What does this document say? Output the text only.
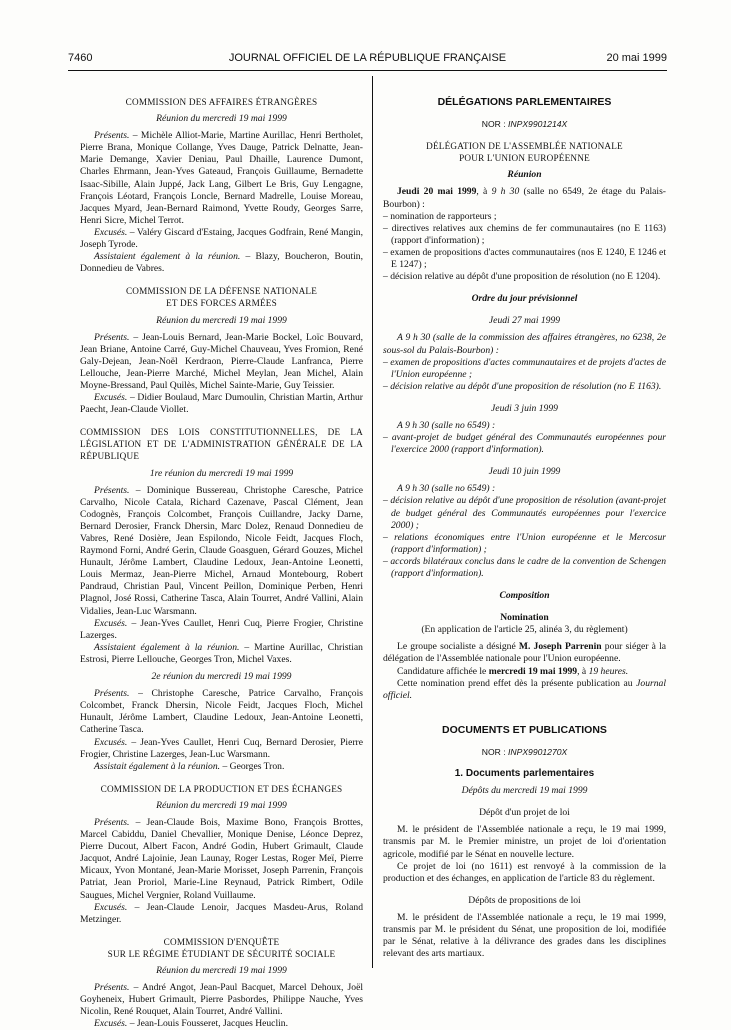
7460	JOURNAL OFFICIEL DE LA RÉPUBLIQUE FRANÇAISE	20 mai 1999

COMMISSION DES AFFAIRES ÉTRANGÈRES

Réunion du mercredi 19 mai 1999

Présents. – Michèle Alliot-Marie, Martine Aurillac, Henri Bertholet, Pierre Brana, Monique Collange, Yves Dauge, Patrick Delnatte, Jean-Marie Demange, Xavier Deniau, Paul Dhaille, Laurence Dumont, Charles Ehrmann, Jean-Yves Gateaud, François Guillaume, Bernadette Isaac-Sibille, Alain Juppé, Jack Lang, Gilbert Le Bris, Guy Lengagne, François Léotard, François Loncle, Bernard Madrelle, Louise Moreau, Jacques Myard, Jean-Bernard Raimond, Yvette Roudy, Georges Sarre, Henri Sicre, Michel Terrot.

Excusés. – Valéry Giscard d'Estaing, Jacques Godfrain, René Mangin, Joseph Tyrode.

Assistaient également à la réunion. – Blazy, Boucheron, Boutin, Donnedieu de Vabres.

COMMISSION DE LA DÉFENSE NATIONALE

ET DES FORCES ARMÉES

Réunion du mercredi 19 mai 1999

Présents. – Jean-Louis Bernard, Jean-Marie Bockel, Loïc Bouvard, Jean Briane, Antoine Carré, Guy-Michel Chauveau, Yves Fromion, René Galy-Dejean, Jean-Noël Kerdraon, Pierre-Claude Lanfranca, Pierre Lellouche, Jean-Pierre Marché, Michel Meylan, Jean Michel, Alain Moyne-Bressand, Paul Quilès, Michel Sainte-Marie, Guy Teissier.

Excusés. – Didier Boulaud, Marc Dumoulin, Christian Martin, Arthur Paecht, Jean-Claude Viollet.

COMMISSION DES LOIS CONSTITUTIONNELLES, DE LA LÉGISLATION ET DE L'ADMINISTRATION GÉNÉRALE DE LA RÉPUBLIQUE

1re réunion du mercredi 19 mai 1999

Présents. – Dominique Bussereau, Christophe Caresche, Patrice Carvalho, Nicole Catala, Richard Cazenave, Pascal Clément, Jean Codognès, François Colcombet, François Cuillandre, Jacky Darne, Bernard Derosier, Franck Dhersin, Marc Dolez, Renaud Donnedieu de Vabres, René Dosière, Jean Espilondo, Nicole Feidt, Jacques Floch, Raymond Forni, André Gerin, Claude Goasguen, Gérard Gouzes, Michel Hunault, Jérôme Lambert, Claudine Ledoux, Jean-Antoine Leonetti, Louis Mermaz, Jean-Pierre Michel, Arnaud Montebourg, Robert Pandraud, Christian Paul, Vincent Peillon, Dominique Perben, Henri Plagnol, José Rossi, Catherine Tasca, Alain Tourret, André Vallini, Alain Vidalies, Jean-Luc Warsmann.

Excusés. – Jean-Yves Caullet, Henri Cuq, Pierre Frogier, Christine Lazerges.

Assistaient également à la réunion. – Martine Aurillac, Christian Estrosi, Pierre Lellouche, Georges Tron, Michel Vaxes.

2e réunion du mercredi 19 mai 1999

Présents. – Christophe Caresche, Patrice Carvalho, François Colcombet, Franck Dhersin, Nicole Feidt, Jacques Floch, Michel Hunault, Jérôme Lambert, Claudine Ledoux, Jean-Antoine Leonetti, Catherine Tasca.

Excusés. – Jean-Yves Caullet, Henri Cuq, Bernard Derosier, Pierre Frogier, Christine Lazerges, Jean-Luc Warsmann.

Assistait également à la réunion. – Georges Tron.

COMMISSION DE LA PRODUCTION ET DES ÉCHANGES

Réunion du mercredi 19 mai 1999

Présents. – Jean-Claude Bois, Maxime Bono, François Brottes, Marcel Cabiddu, Daniel Chevallier, Monique Denise, Léonce Deprez, Pierre Ducout, Albert Facon, André Godin, Hubert Grimault, Claude Jacquot, André Lajoinie, Jean Launay, Roger Lestas, Roger Meï, Pierre Micaux, Yvon Montané, Jean-Marie Morisset, Joseph Parrenin, François Patriat, Jean Proriol, Marie-Line Reynaud, Patrick Rimbert, Odile Saugues, Michel Vergnier, Roland Vuillaume.

Excusés. – Jean-Claude Lenoir, Jacques Masdeu-Arus, Roland Metzinger.

COMMISSION D'ENQUÊTE

SUR LE RÉGIME ÉTUDIANT DE SÉCURITÉ SOCIALE

Réunion du mercredi 19 mai 1999

Présents. – André Angot, Jean-Paul Bacquet, Marcel Dehoux, Joël Goyheneix, Hubert Grimault, Pierre Pasbordes, Philippe Nauche, Yves Nicolin, René Rouquet, Alain Tourret, André Vallini.

Excusés. – Jean-Louis Fousseret, Jacques Heuclin.

DÉLÉGATIONS PARLEMENTAIRES

NOR : INPX9901214X

DÉLÉGATION DE L'ASSEMBLÉE NATIONALE

POUR L'UNION EUROPÉENNE

Réunion

Jeudi 20 mai 1999, à 9 h 30 (salle no 6549, 2e étage du Palais-Bourbon) :

– nomination de rapporteurs ;

– directives relatives aux chemins de fer communautaires (no E 1163) (rapport d'information) ;

– examen de propositions d'actes communautaires (nos E 1240, E 1246 et E 1247) ;

– décision relative au dépôt d'une proposition de résolution (no E 1204).

Ordre du jour prévisionnel

Jeudi 27 mai 1999

A 9 h 30 (salle de la commission des affaires étrangères, no 6238, 2e sous-sol du Palais-Bourbon) :

– examen de propositions d'actes communautaires et de projets d'actes de l'Union européenne ;

– décision relative au dépôt d'une proposition de résolution (no E 1163).

Jeudi 3 juin 1999

A 9 h 30 (salle no 6549) :

– avant-projet de budget général des Communautés européennes pour l'exercice 2000 (rapport d'information).

Jeudi 10 juin 1999

A 9 h 30 (salle no 6549) :

– décision relative au dépôt d'une proposition de résolution (avant-projet de budget général des Communautés européennes pour l'exercice 2000) ;

– relations économiques entre l'Union européenne et le Mercosur (rapport d'information) ;

– accords bilatéraux conclus dans le cadre de la convention de Schengen (rapport d'information).

Composition

Nomination

(En application de l'article 25, alinéa 3, du règlement)

Le groupe socialiste a désigné M. Joseph Parrenin pour siéger à la délégation de l'Assemblée nationale pour l'Union européenne.

Candidature affichée le mercredi 19 mai 1999, à 19 heures.

Cette nomination prend effet dès la présente publication au Journal officiel.

DOCUMENTS ET PUBLICATIONS

NOR : INPX9901270X

1. Documents parlementaires

Dépôts du mercredi 19 mai 1999

Dépôt d'un projet de loi

M. le président de l'Assemblée nationale a reçu, le 19 mai 1999, transmis par M. le Premier ministre, un projet de loi d'orientation agricole, modifié par le Sénat en nouvelle lecture.

Ce projet de loi (no 1611) est renvoyé à la commission de la production et des échanges, en application de l'article 83 du règlement.

Dépôts de propositions de loi

M. le président de l'Assemblée nationale a reçu, le 19 mai 1999, transmis par M. le président du Sénat, une proposition de loi, modifiée par le Sénat, relative à la délivrance des grades dans les disciplines relevant des arts martiaux.
